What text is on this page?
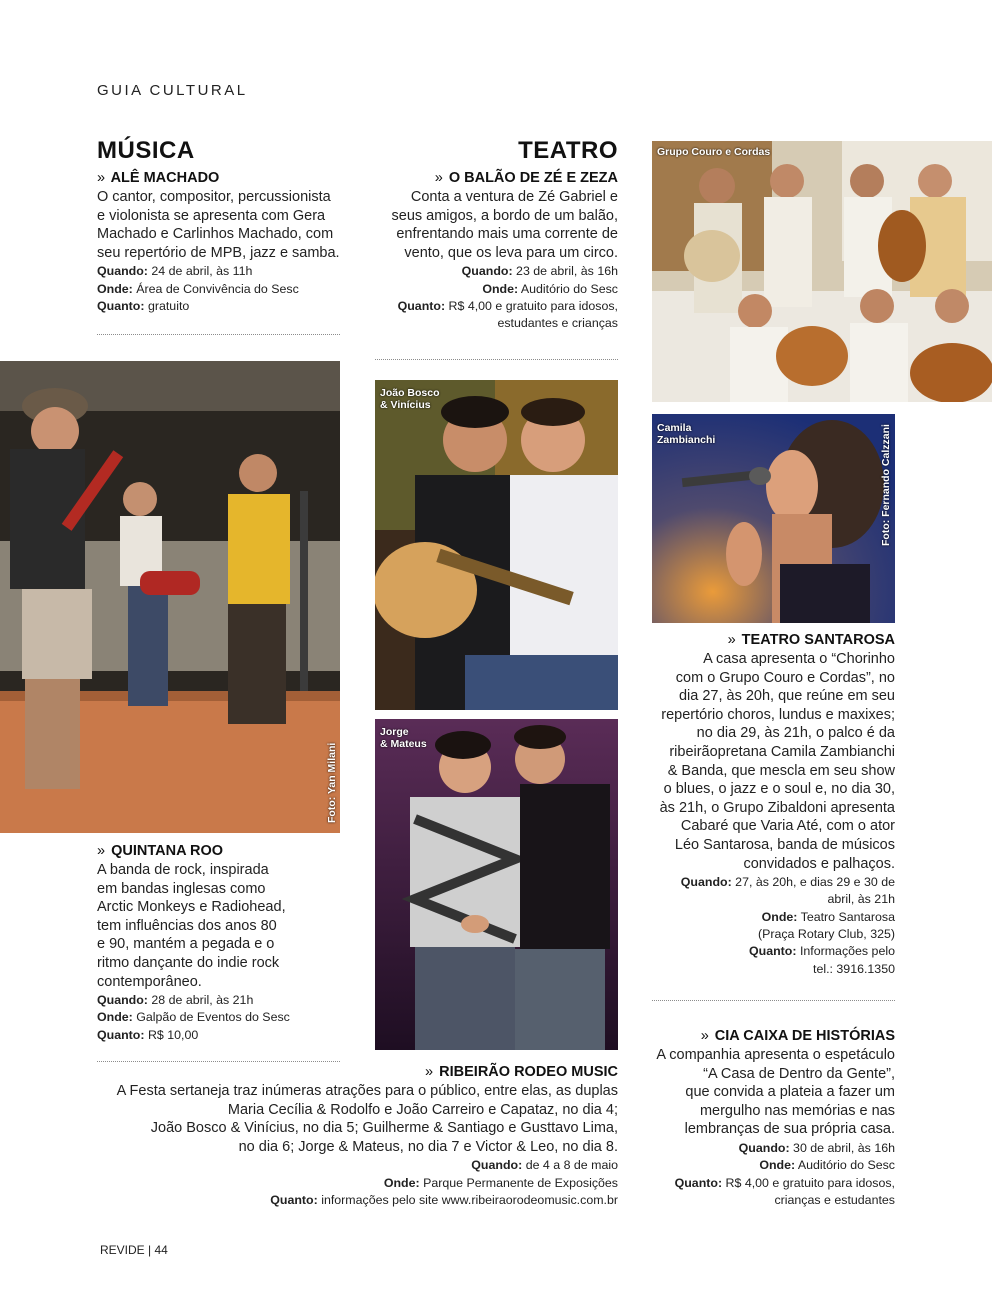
GUIA CULTURAL
MÚSICA	TEATRO
» ALÊ MACHADO
O cantor, compositor, percussionista
e violonista se apresenta com Gera
Machado e Carlinhos Machado, com
seu repertório de MPB, jazz e samba.
Quando: 24 de abril, às 11h
Onde: Área de Convivência do Sesc
Quanto: gratuito
» O BALÃO DE ZÉ E ZEZA
Conta a ventura de Zé Gabriel e
seus amigos, a bordo de um balão,
enfrentando mais uma corrente de
vento, que os leva para um circo.
Quando: 23 de abril, às 16h
Onde: Auditório do Sesc
Quanto: R$ 4,00 e gratuito para idosos,
estudantes e crianças
Grupo Couro e Cordas
Camila
Zambianchi	Foto: Fernando Calzzani
Foto: Yan Milani
João Bosco
& Vinícius
Jorge
& Mateus
» QUINTANA ROO
A banda de rock, inspirada
em bandas inglesas como
Arctic Monkeys e Radiohead,
tem influências dos anos 80
e 90, mantém a pegada e o
ritmo dançante do indie rock
contemporâneo.
Quando: 28 de abril, às 21h
Onde: Galpão de Eventos do Sesc
Quanto: R$ 10,00
» TEATRO SANTAROSA
A casa apresenta o “Chorinho
com o Grupo Couro e Cordas”, no
dia 27, às 20h, que reúne em seu
repertório choros, lundus e maxixes;
no dia 29, às 21h, o palco é da
ribeirãopretana Camila Zambianchi
& Banda, que mescla em seu show
o blues, o jazz e o soul e, no dia 30,
às 21h, o Grupo Zibaldoni apresenta
Cabaré que Varia Até, com o ator
Léo Santarosa, banda de músicos
convidados e palhaços.
Quando: 27, às 20h, e dias 29 e 30 de
abril, às 21h
Onde: Teatro Santarosa
(Praça Rotary Club, 325)
Quanto: Informações pelo
tel.: 3916.1350
» CIA CAIXA DE HISTÓRIAS
A companhia apresenta o espetáculo
“A Casa de Dentro da Gente”,
que convida a plateia a fazer um
mergulho nas memórias e nas
lembranças de sua própria casa.
Quando: 30 de abril, às 16h
Onde: Auditório do Sesc
Quanto: R$ 4,00 e gratuito para idosos,
crianças e estudantes
» RIBEIRÃO RODEO MUSIC
A Festa sertaneja traz inúmeras atrações para o público, entre elas, as duplas
Maria Cecília & Rodolfo e João Carreiro e Capataz, no dia 4;
João Bosco & Vinícius, no dia 5; Guilherme & Santiago e Gusttavo Lima,
no dia 6; Jorge & Mateus, no dia 7 e Victor & Leo, no dia 8.
Quando: de 4 a 8 de maio
Onde: Parque Permanente de Exposições
Quanto: informações pelo site www.ribeiraorodeomusic.com.br
REVIDE | 44
